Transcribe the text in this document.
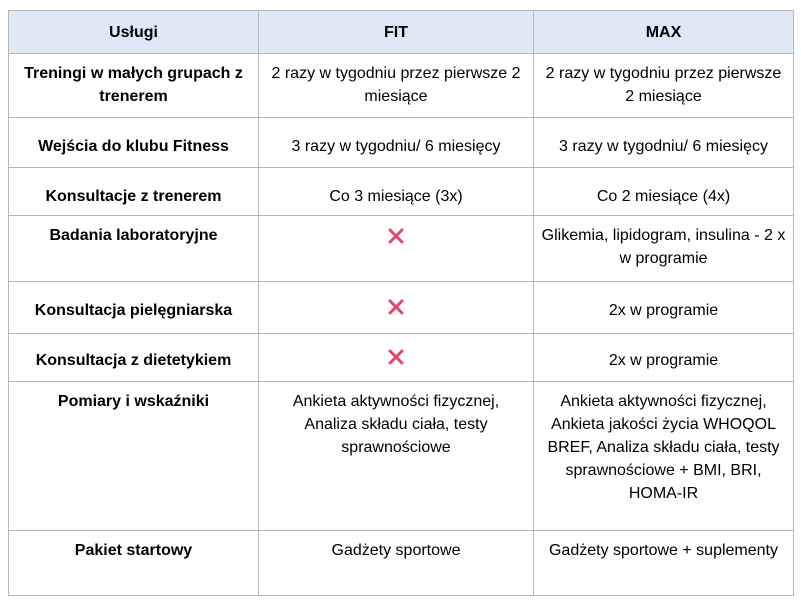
Usługi	FIT	MAX
Treningi w małych grupach z trenerem	2 razy w tygodniu przez pierwsze 2 miesiące	2 razy w tygodniu przez pierwsze 2 miesiące
Wejścia do klubu Fitness	3 razy w tygodniu/ 6 miesięcy	3 razy w tygodniu/ 6 miesięcy
Konsultacje z trenerem	Co 3 miesiące (3x)	Co 2 miesiące (4x)
Badania laboratoryjne		Glikemia, lipidogram, insulina - 2 x w programie
Konsultacja pielęgniarska		2x w programie
Konsultacja z dietetykiem		2x w programie
Pomiary i wskaźniki	Ankieta aktywności fizycznej, Analiza składu ciała, testy sprawnościowe	Ankieta aktywności fizycznej, Ankieta jakości życia WHOQOL BREF, Analiza składu ciała, testy sprawnościowe + BMI, BRI, HOMA-IR
Pakiet startowy	Gadżety sportowe	Gadżety sportowe + suplementy
